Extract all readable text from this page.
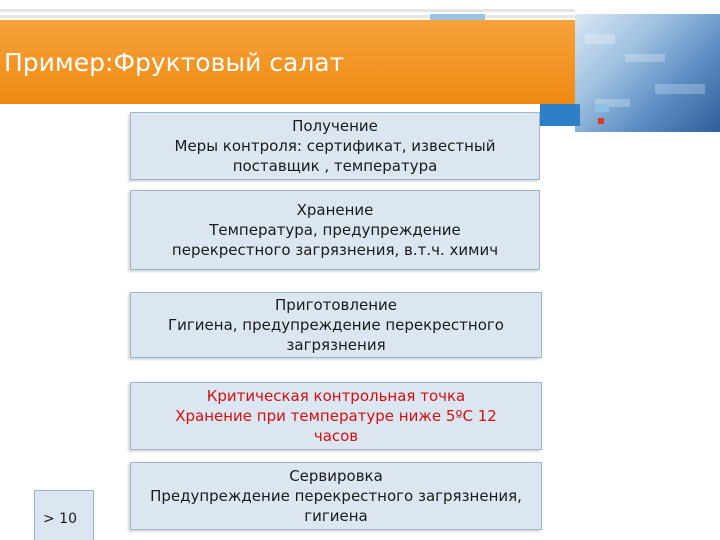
Пример:Фруктовый салат
Получение
Меры контроля: сертификат, известный
поставщик , температура
Хранение
Температура, предупреждение
перекрестного загрязнения, в.т.ч. химич
Приготовление
Гигиена, предупреждение перекрестного
загрязнения
Критическая контрольная точка
Хранение при температуре ниже 5ºС 12
часов
Сервировка
Предупреждение перекрестного загрязнения,
гигиена
> 10
